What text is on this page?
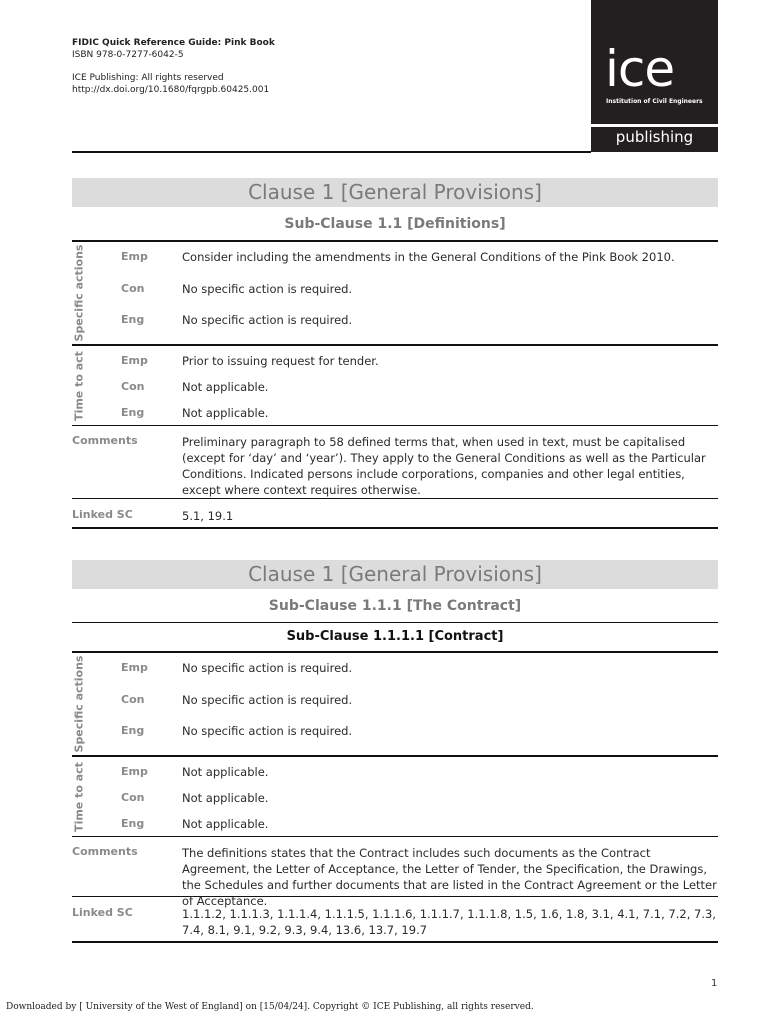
FIDIC Quick Reference Guide: Pink Book
ISBN 978-0-7277-6042-5
ICE Publishing: All rights reserved
http://dx.doi.org/10.1680/fqrgpb.60425.001	ice
Institution of Civil Engineers
publishing
Clause 1 [General Provisions]
Sub-Clause 1.1 [Definitions]
Specific actions	Emp	Consider including the amendments in the General Conditions of the Pink Book 2010.
Con	No specific action is required.
Eng	No specific action is required.
Time to act	Emp	Prior to issuing request for tender.
Con	Not applicable.
Eng	Not applicable.
Comments	Preliminary paragraph to 58 defined terms that, when used in text, must be capitalised (except for ‘day’ and ‘year’). They apply to the General Conditions as well as the Particular Conditions. Indicated persons include corporations, companies and other legal entities, except where context requires otherwise.
Linked SC	5.1, 19.1
Clause 1 [General Provisions]
Sub-Clause 1.1.1 [The Contract]
Sub-Clause 1.1.1.1 [Contract]
Specific actions	Emp	No specific action is required.
Con	No specific action is required.
Eng	No specific action is required.
Time to act	Emp	Not applicable.
Con	Not applicable.
Eng	Not applicable.
Comments	The definitions states that the Contract includes such documents as the Contract Agreement, the Letter of Acceptance, the Letter of Tender, the Specification, the Drawings, the Schedules and further documents that are listed in the Contract Agreement or the Letter of Acceptance.
Linked SC	1.1.1.2, 1.1.1.3, 1.1.1.4, 1.1.1.5, 1.1.1.6, 1.1.1.7, 1.1.1.8, 1.5, 1.6, 1.8, 3.1, 4.1, 7.1, 7.2, 7.3, 7.4, 8.1, 9.1, 9.2, 9.3, 9.4, 13.6, 13.7, 19.7
1
Downloaded by [ University of the West of England] on [15/04/24]. Copyright © ICE Publishing, all rights reserved.
